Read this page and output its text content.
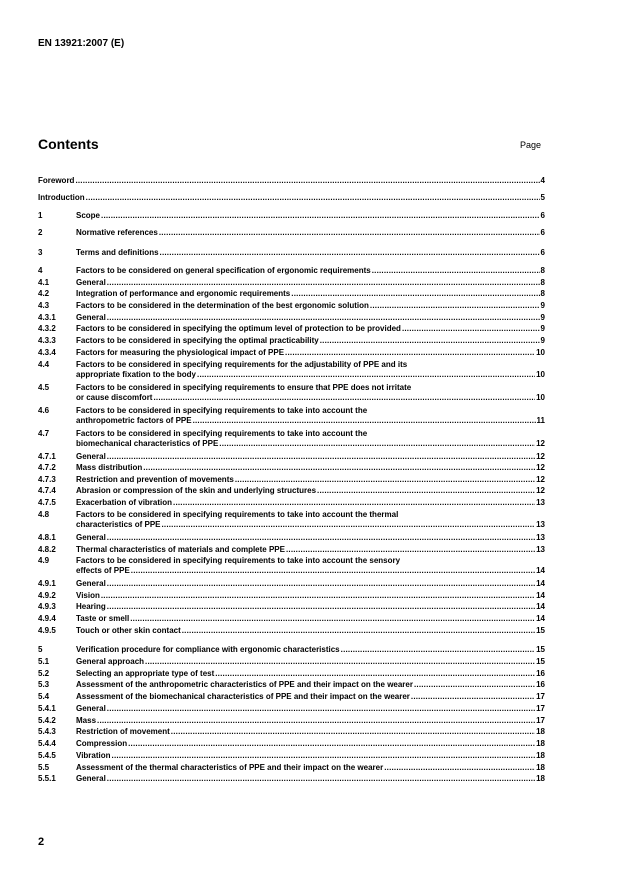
EN 13921:2007 (E)
Contents	Page
Foreword .....	4
Introduction .....	5
1	Scope .....	6
2	Normative references .....	6
3	Terms and definitions .....	6
4	Factors to be considered on general specification of ergonomic requirements .....	8
4.1	General .....	8
4.2	Integration of performance and ergonomic requirements .....	8
4.3	Factors to be considered in the determination of the best ergonomic solution .....	9
4.3.1	General .....	9
4.3.2	Factors to be considered in specifying the optimum level of protection to be provided .....	9
4.3.3	Factors to be considered in specifying the optimal practicability .....	9
4.3.4	Factors for measuring the physiological impact of PPE .....	10
4.4	Factors to be considered in specifying requirements for the adjustability of PPE and its
appropriate fixation to the body .....	10
4.5	Factors to be considered in specifying requirements to ensure that PPE does not irritate
or cause discomfort .....	10
4.6	Factors to be considered in specifying requirements to take into account the
anthropometric factors of PPE .....	11
4.7	Factors to be considered in specifying requirements to take into account the
biomechanical characteristics of PPE .....	12
4.7.1	General .....	12
4.7.2	Mass distribution .....	12
4.7.3	Restriction and prevention of movements .....	12
4.7.4	Abrasion or compression of the skin and underlying structures .....	12
4.7.5	Exacerbation of vibration .....	13
4.8	Factors to be considered in specifying requirements to take into account the thermal
characteristics of PPE .....	13
4.8.1	General .....	13
4.8.2	Thermal characteristics of materials and complete PPE .....	13
4.9	Factors to be considered in specifying requirements to take into account the sensory
effects of PPE .....	14
4.9.1	General .....	14
4.9.2	Vision .....	14
4.9.3	Hearing .....	14
4.9.4	Taste or smell .....	14
4.9.5	Touch or other skin contact .....	15
5	Verification procedure for compliance with ergonomic characteristics .....	15
5.1	General approach .....	15
5.2	Selecting an appropriate type of test .....	16
5.3	Assessment of the anthropometric characteristics of PPE and their impact on the wearer .....	16
5.4	Assessment of the biomechanical characteristics of PPE and their impact on the wearer .....	17
5.4.1	General .....	17
5.4.2	Mass .....	17
5.4.3	Restriction of movement .....	18
5.4.4	Compression .....	18
5.4.5	Vibration .....	18
5.5	Assessment of the thermal characteristics of PPE and their impact on the wearer .....	18
5.5.1	General .....	18
2
